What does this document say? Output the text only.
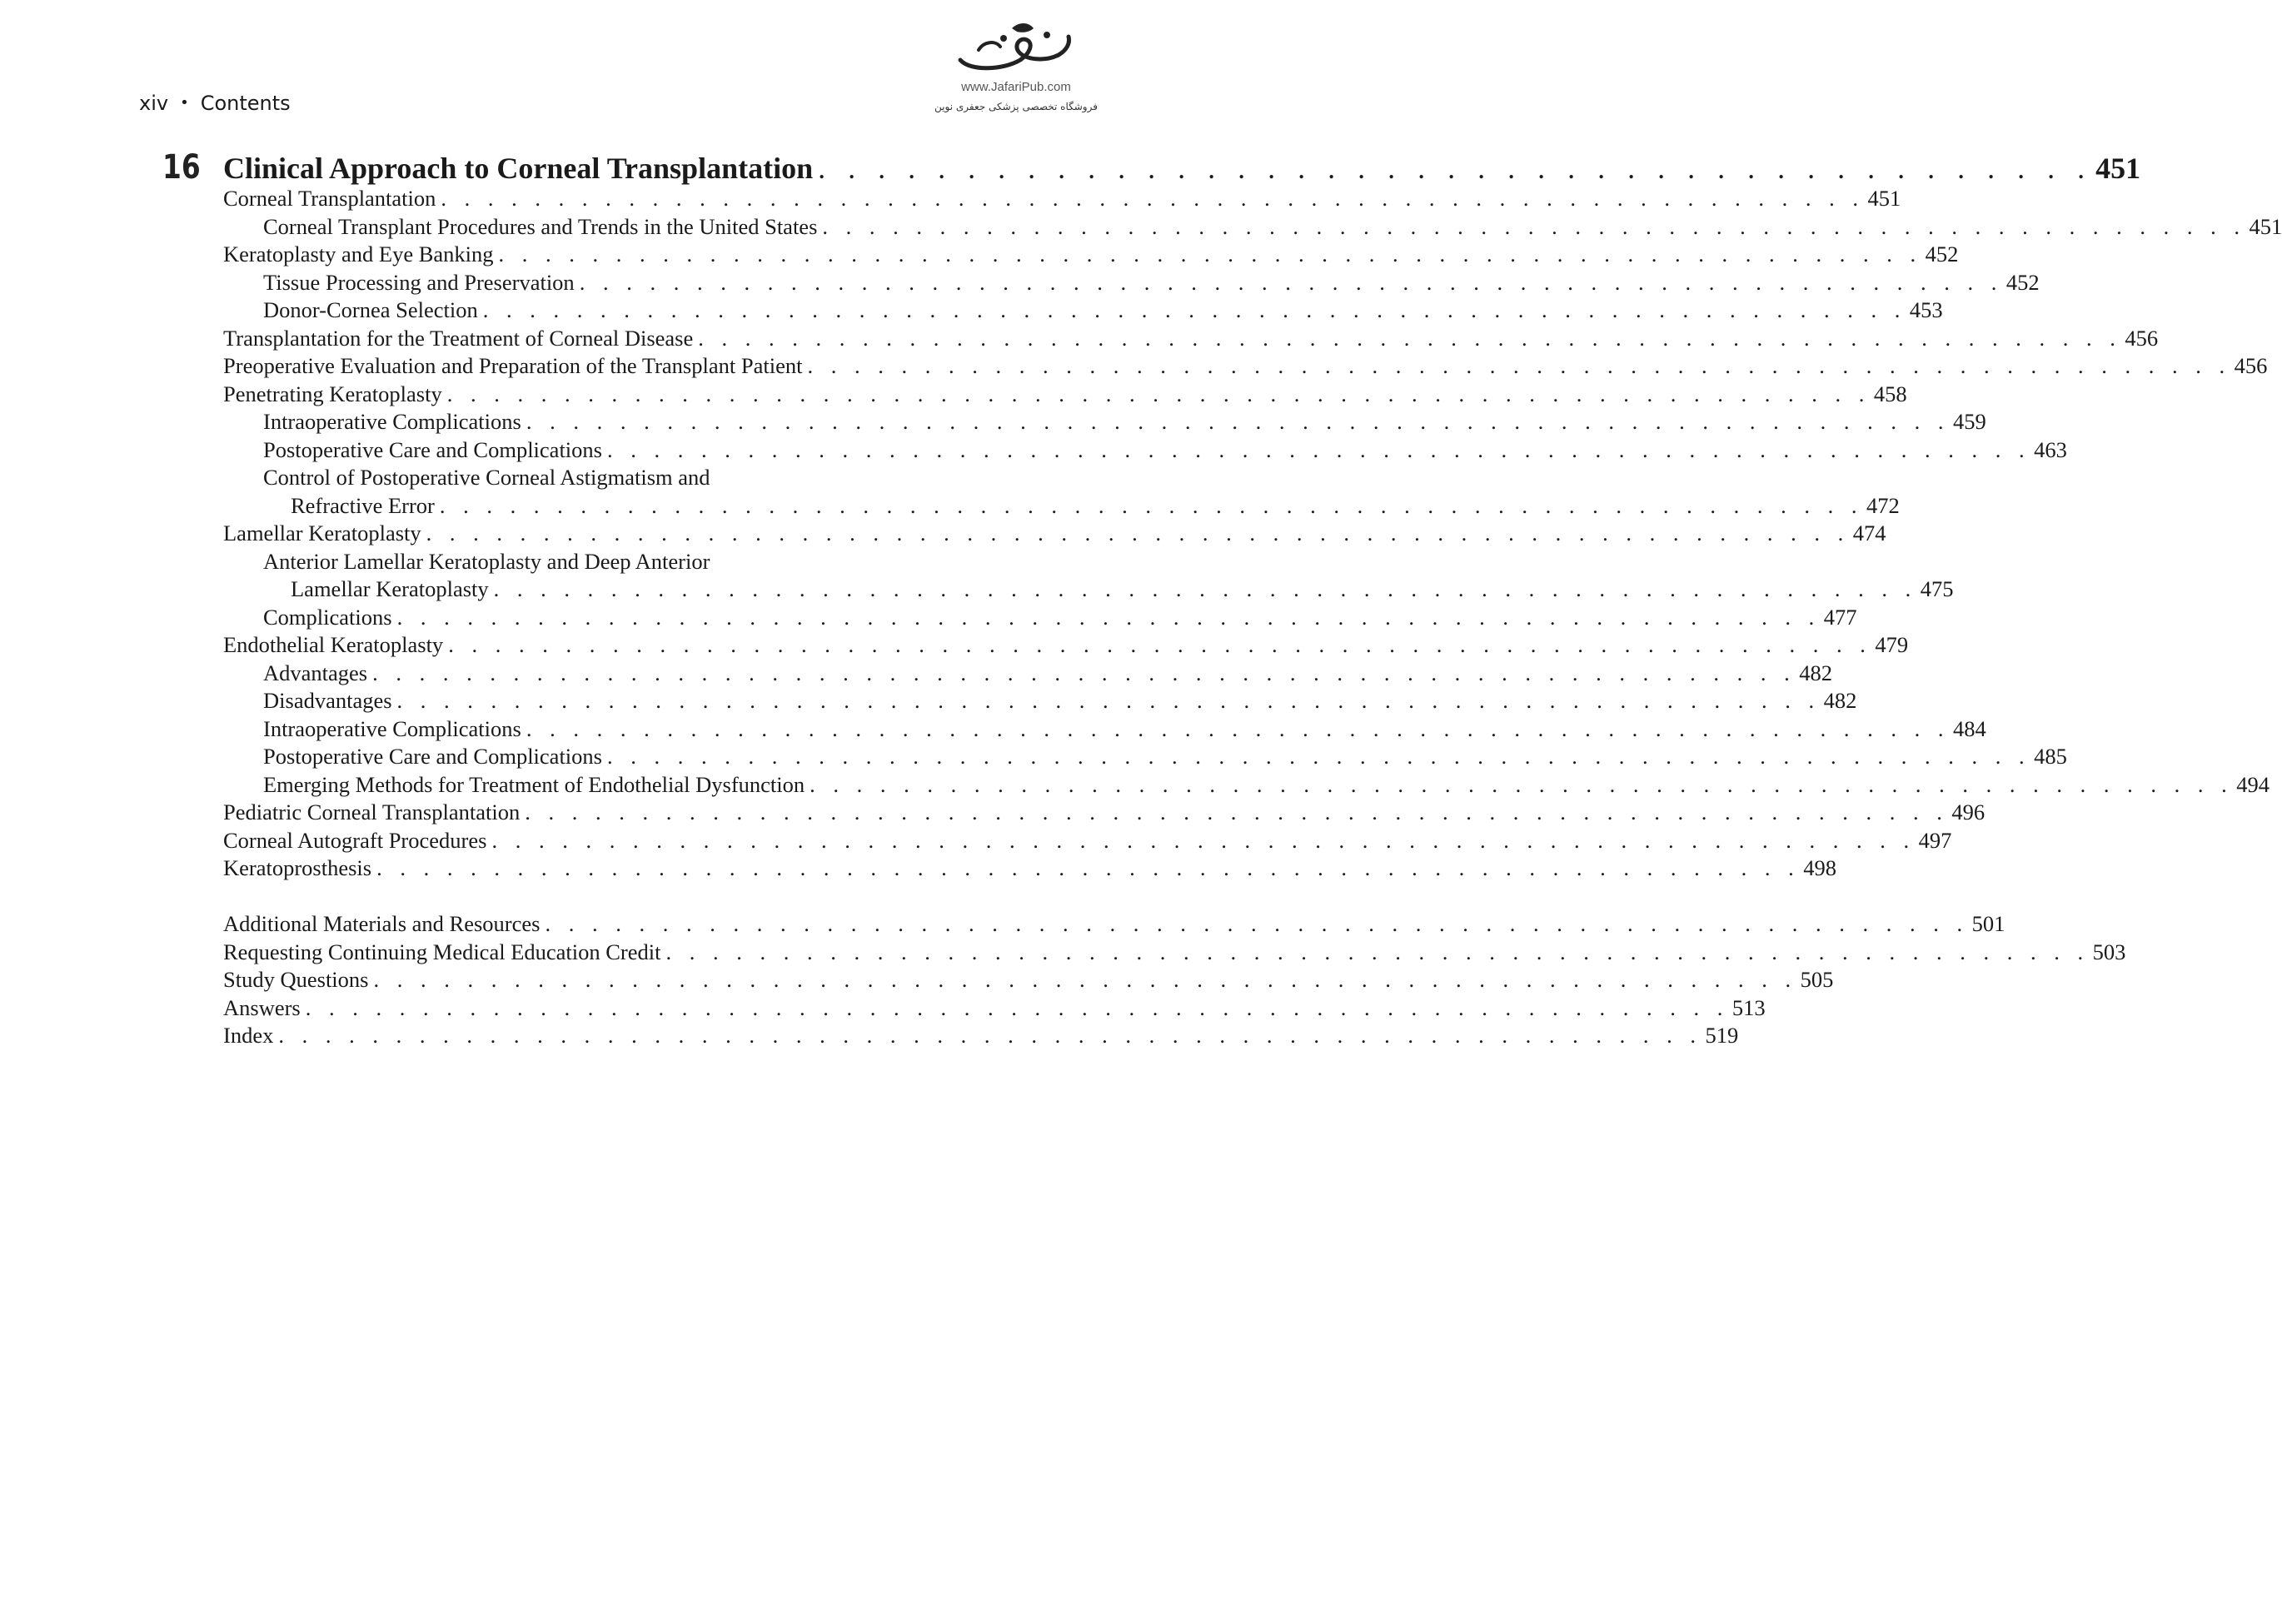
xiv • Contents
www.JafariPub.com
فروشگاه تخصصی پزشکی جعفری نوین
16 Clinical Approach to Corneal Transplantation . . . . . . . . . . . . . . . . . . . . . . . . . . . . . . . . . . . . . . . . . . . 451
Corneal Transplantation . . . . . . . . . . . . . . . . . . . . . . . . . . . . . . . . . . . . . . . . . . . . . . . . . . . . . . . . . . . . . 451
Corneal Transplant Procedures and Trends in the United States . . . . . . . . . . . . . . . . . . . . . . . . . . . . . . . . . . . . . . . . . . . . . . . . . . . . . . . . . . . . . 451
Keratoplasty and Eye Banking . . . . . . . . . . . . . . . . . . . . . . . . . . . . . . . . . . . . . . . . . . . . . . . . . . . . . . . . . . . . . 452
Tissue Processing and Preservation . . . . . . . . . . . . . . . . . . . . . . . . . . . . . . . . . . . . . . . . . . . . . . . . . . . . . . . . . . . . . 452
Donor-Cornea Selection . . . . . . . . . . . . . . . . . . . . . . . . . . . . . . . . . . . . . . . . . . . . . . . . . . . . . . . . . . . . . 453
Transplantation for the Treatment of Corneal Disease . . . . . . . . . . . . . . . . . . . . . . . . . . . . . . . . . . . . . . . . . . . . . . . . . . . . . . . . . . . . . 456
Preoperative Evaluation and Preparation of the Transplant Patient . . . . . . . . . . . . . . . . . . . . . . . . . . . . . . . . . . . . . . . . . . . . . . . . . . . . . . . . . . . . . 456
Penetrating Keratoplasty . . . . . . . . . . . . . . . . . . . . . . . . . . . . . . . . . . . . . . . . . . . . . . . . . . . . . . . . . . . . . 458
Intraoperative Complications . . . . . . . . . . . . . . . . . . . . . . . . . . . . . . . . . . . . . . . . . . . . . . . . . . . . . . . . . . . . . 459
Postoperative Care and Complications . . . . . . . . . . . . . . . . . . . . . . . . . . . . . . . . . . . . . . . . . . . . . . . . . . . . . . . . . . . . . 463
Control of Postoperative Corneal Astigmatism and
Refractive Error . . . . . . . . . . . . . . . . . . . . . . . . . . . . . . . . . . . . . . . . . . . . . . . . . . . . . . . . . . . . . 472
Lamellar Keratoplasty . . . . . . . . . . . . . . . . . . . . . . . . . . . . . . . . . . . . . . . . . . . . . . . . . . . . . . . . . . . . . 474
Anterior Lamellar Keratoplasty and Deep Anterior
Lamellar Keratoplasty . . . . . . . . . . . . . . . . . . . . . . . . . . . . . . . . . . . . . . . . . . . . . . . . . . . . . . . . . . . . . 475
Complications . . . . . . . . . . . . . . . . . . . . . . . . . . . . . . . . . . . . . . . . . . . . . . . . . . . . . . . . . . . . . 477
Endothelial Keratoplasty . . . . . . . . . . . . . . . . . . . . . . . . . . . . . . . . . . . . . . . . . . . . . . . . . . . . . . . . . . . . . 479
Advantages . . . . . . . . . . . . . . . . . . . . . . . . . . . . . . . . . . . . . . . . . . . . . . . . . . . . . . . . . . . . . 482
Disadvantages . . . . . . . . . . . . . . . . . . . . . . . . . . . . . . . . . . . . . . . . . . . . . . . . . . . . . . . . . . . . . 482
Intraoperative Complications . . . . . . . . . . . . . . . . . . . . . . . . . . . . . . . . . . . . . . . . . . . . . . . . . . . . . . . . . . . . . 484
Postoperative Care and Complications . . . . . . . . . . . . . . . . . . . . . . . . . . . . . . . . . . . . . . . . . . . . . . . . . . . . . . . . . . . . . 485
Emerging Methods for Treatment of Endothelial Dysfunction . . . . . . . . . . . . . . . . . . . . . . . . . . . . . . . . . . . . . . . . . . . . . . . . . . . . . . . . . . . . . 494
Pediatric Corneal Transplantation . . . . . . . . . . . . . . . . . . . . . . . . . . . . . . . . . . . . . . . . . . . . . . . . . . . . . . . . . . . . . 496
Corneal Autograft Procedures . . . . . . . . . . . . . . . . . . . . . . . . . . . . . . . . . . . . . . . . . . . . . . . . . . . . . . . . . . . . . 497
Keratoprosthesis . . . . . . . . . . . . . . . . . . . . . . . . . . . . . . . . . . . . . . . . . . . . . . . . . . . . . . . . . . . . . 498
Additional Materials and Resources . . . . . . . . . . . . . . . . . . . . . . . . . . . . . . . . . . . . . . . . . . . . . . . . . . . . . . . . . . . . . 501
Requesting Continuing Medical Education Credit . . . . . . . . . . . . . . . . . . . . . . . . . . . . . . . . . . . . . . . . . . . . . . . . . . . . . . . . . . . . . 503
Study Questions . . . . . . . . . . . . . . . . . . . . . . . . . . . . . . . . . . . . . . . . . . . . . . . . . . . . . . . . . . . . . 505
Answers . . . . . . . . . . . . . . . . . . . . . . . . . . . . . . . . . . . . . . . . . . . . . . . . . . . . . . . . . . . . . 513
Index . . . . . . . . . . . . . . . . . . . . . . . . . . . . . . . . . . . . . . . . . . . . . . . . . . . . . . . . . . . . . 519
